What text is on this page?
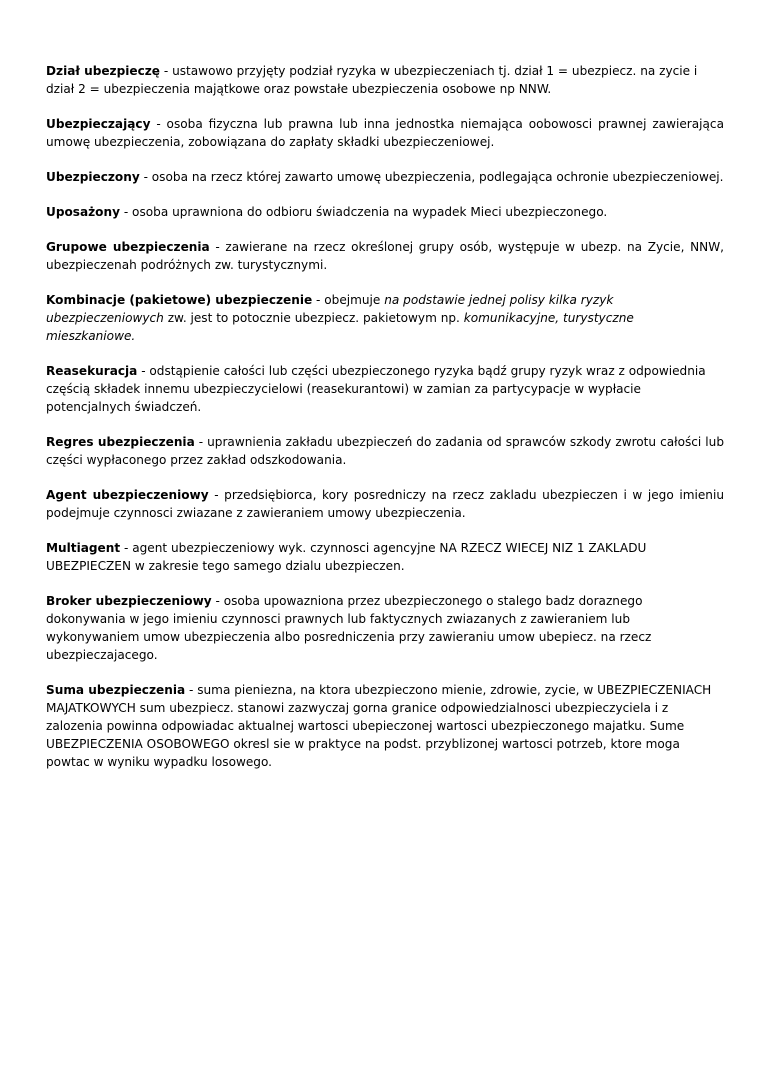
Dział ubezpieczę - ustawowo przyjęty podział ryzyka w ubezpieczeniach tj. dział 1 = ubezpiecz. na zycie i dział 2 = ubezpieczenia majątkowe oraz powstałe ubezpieczenia osobowe np NNW.

Ubezpieczający - osoba fizyczna lub prawna lub inna jednostka niemająca oobowosci prawnej zawierająca umowę ubezpieczenia, zobowiązana do zapłaty składki ubezpieczeniowej.

Ubezpieczony - osoba na rzecz której zawarto umowę ubezpieczenia, podlegająca ochronie ubezpieczeniowej.

Uposażony - osoba uprawniona do odbioru świadczenia na wypadek Mieci ubezpieczonego.

Grupowe ubezpieczenia - zawierane na rzecz określonej grupy osób, występuje w ubezp. na Zycie, NNW, ubezpieczenah podróżnych zw. turystycznymi.

Kombinacje (pakietowe) ubezpieczenie - obejmuje na podstawie jednej polisy kilka ryzyk ubezpieczeniowych zw. jest to potocznie ubezpiecz. pakietowym np. komunikacyjne, turystyczne mieszkaniowe.

Reasekuracja - odstąpienie całości lub części ubezpieczonego ryzyka bądź grupy ryzyk wraz z odpowiednia częścią składek innemu ubezpieczycielowi (reasekurantowi) w zamian za partycypacje w wypłacie potencjalnych świadczeń.

Regres ubezpieczenia - uprawnienia zakładu ubezpieczeń do zadania od sprawców szkody zwrotu całości lub części wypłaconego przez zakład odszkodowania.

Agent ubezpieczeniowy - przedsiębiorca, kory posredniczy na rzecz zakladu ubezpieczen i w jego imieniu podejmuje czynnosci zwiazane z zawieraniem umowy ubezpieczenia.

Multiagent - agent ubezpieczeniowy wyk. czynnosci agencyjne NA RZECZ WIECEJ NIZ 1 ZAKLADU UBEZPIECZEN w zakresie tego samego dzialu ubezpieczen.

Broker ubezpieczeniowy - osoba upowazniona przez ubezpieczonego o stalego badz doraznego dokonywania w jego imieniu czynnosci prawnych lub faktycznych zwiazanych z zawieraniem lub wykonywaniem umow ubezpieczenia albo posrednicze​nia przy zawieraniu umow ubepiecz. na rzecz ubezpieczajacego.

Suma ubezpieczenia - suma pieniezna, na ktora ubezpieczono mienie, zdrowie, zycie, w UBEZPIECZENIACH MAJATKOWYCH sum ubezpiecz. stanowi zazwyczaj gorna granice odpowiedzialnosci ubezpieczyciela i z zalozenia powinna odpowiadac aktualnej wartosci ubepieczonej wartosci ubezpieczonego majatku. Sume UBEZPIECZENIA OSOBOWEGO okresl sie w praktyce na podst. przyblizonej wartosci potrzeb, ktore moga powtac w wyniku wypadku losowego.
